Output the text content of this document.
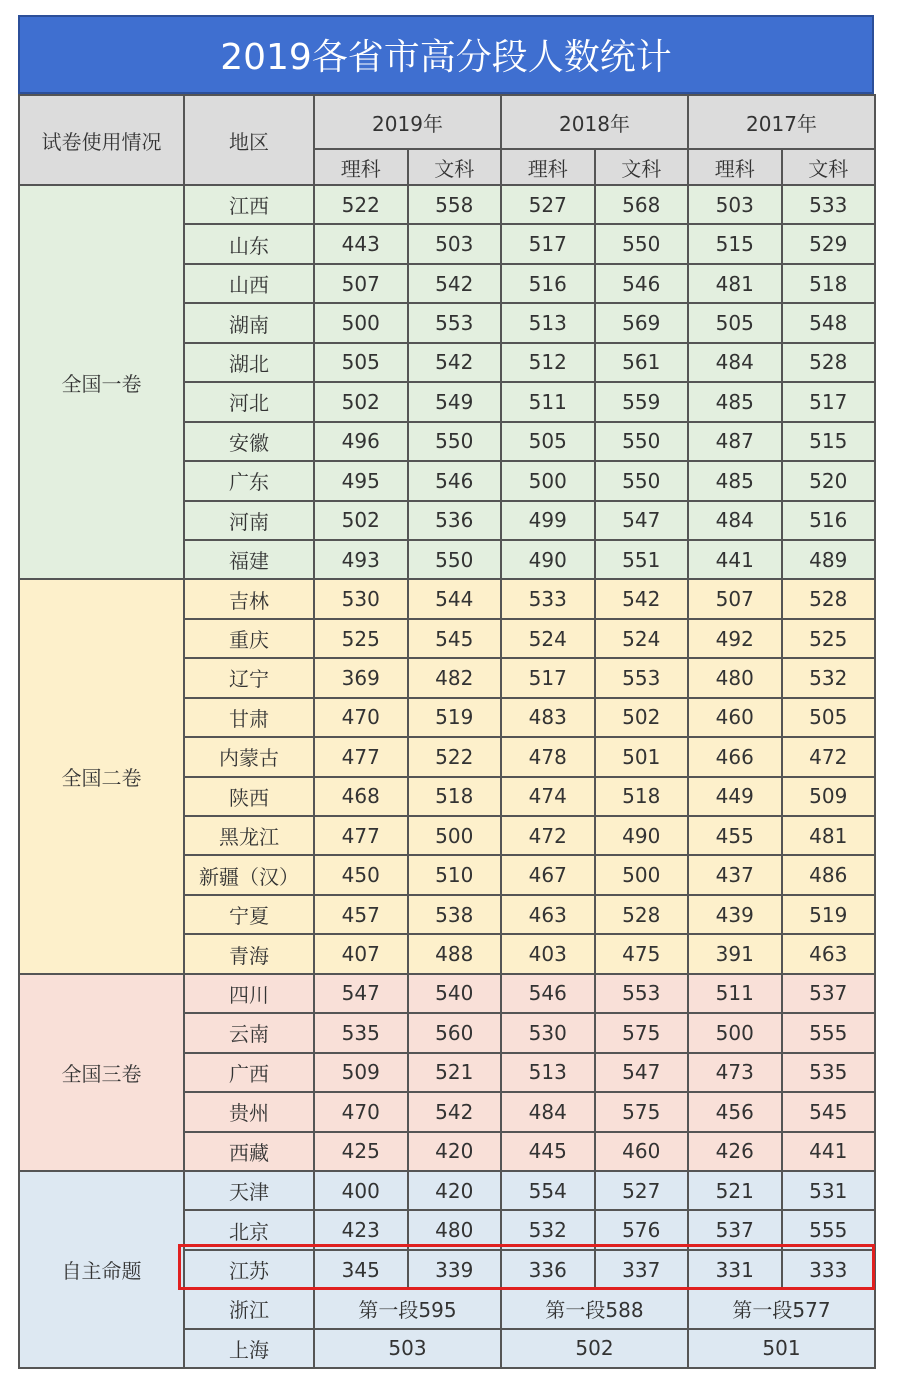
2019各省市高分段人数统计
试卷使用情况	地区	2019年		2018年		2017年	
		理科	文科	理科	文科	理科	文科
全国一卷	江西	522	558	527	568	503	533
	山东	443	503	517	550	515	529
	山西	507	542	516	546	481	518
	湖南	500	553	513	569	505	548
	湖北	505	542	512	561	484	528
	河北	502	549	511	559	485	517
	安徽	496	550	505	550	487	515
	广东	495	546	500	550	485	520
	河南	502	536	499	547	484	516
	福建	493	550	490	551	441	489
全国二卷	吉林	530	544	533	542	507	528
	重庆	525	545	524	524	492	525
	辽宁	369	482	517	553	480	532
	甘肃	470	519	483	502	460	505
	内蒙古	477	522	478	501	466	472
	陕西	468	518	474	518	449	509
	黑龙江	477	500	472	490	455	481
	新疆（汉）	450	510	467	500	437	486
	宁夏	457	538	463	528	439	519
	青海	407	488	403	475	391	463
全国三卷	四川	547	540	546	553	511	537
	云南	535	560	530	575	500	555
	广西	509	521	513	547	473	535
	贵州	470	542	484	575	456	545
	西藏	425	420	445	460	426	441
自主命题	天津	400	420	554	527	521	531
	北京	423	480	532	576	537	555
	江苏	345	339	336	337	331	333
	浙江	第一段595		第一段588		第一段577	
	上海	503		502		501	
